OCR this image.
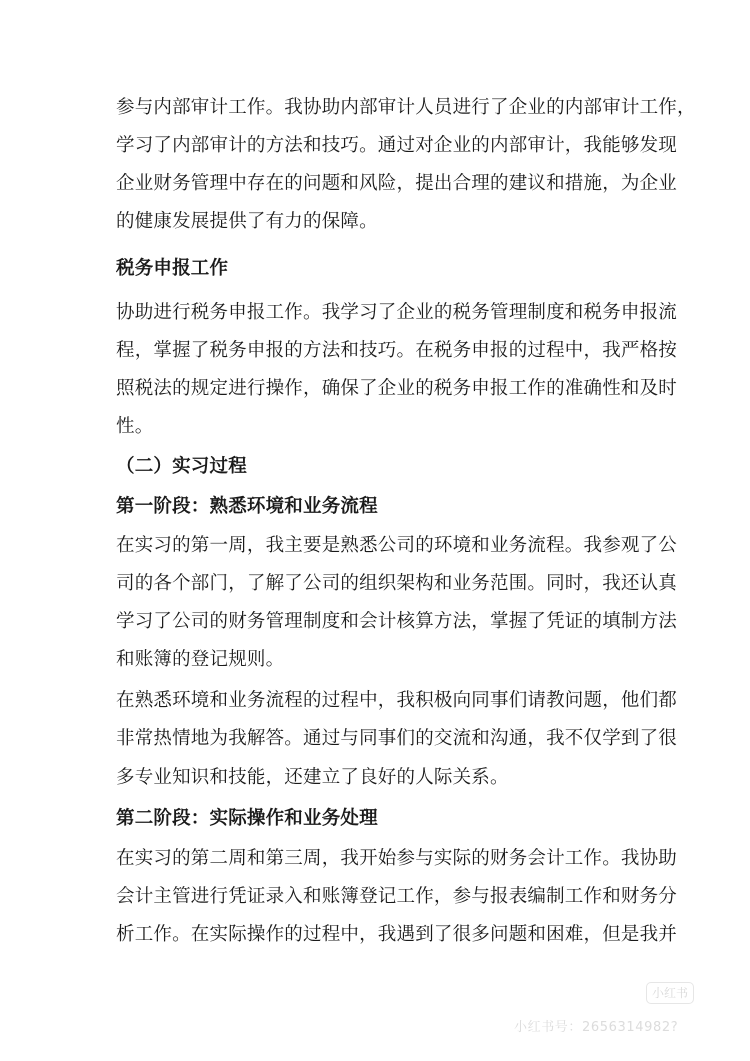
参与内部审计工作。我协助内部审计人员进行了企业的内部审计工作，
学习了内部审计的方法和技巧。通过对企业的内部审计，我能够发现
企业财务管理中存在的问题和风险，提出合理的建议和措施，为企业
的健康发展提供了有力的保障。
税务申报工作
协助进行税务申报工作。我学习了企业的税务管理制度和税务申报流
程，掌握了税务申报的方法和技巧。在税务申报的过程中，我严格按
照税法的规定进行操作，确保了企业的税务申报工作的准确性和及时
性。
（二）实习过程
第一阶段：熟悉环境和业务流程
在实习的第一周，我主要是熟悉公司的环境和业务流程。我参观了公
司的各个部门，了解了公司的组织架构和业务范围。同时，我还认真
学习了公司的财务管理制度和会计核算方法，掌握了凭证的填制方法
和账簿的登记规则。
在熟悉环境和业务流程的过程中，我积极向同事们请教问题，他们都
非常热情地为我解答。通过与同事们的交流和沟通，我不仅学到了很
多专业知识和技能，还建立了良好的人际关系。
第二阶段：实际操作和业务处理
在实习的第二周和第三周，我开始参与实际的财务会计工作。我协助
会计主管进行凭证录入和账簿登记工作，参与报表编制工作和财务分
析工作。在实际操作的过程中，我遇到了很多问题和困难，但是我并
小红书
小红书号：2656314982?
